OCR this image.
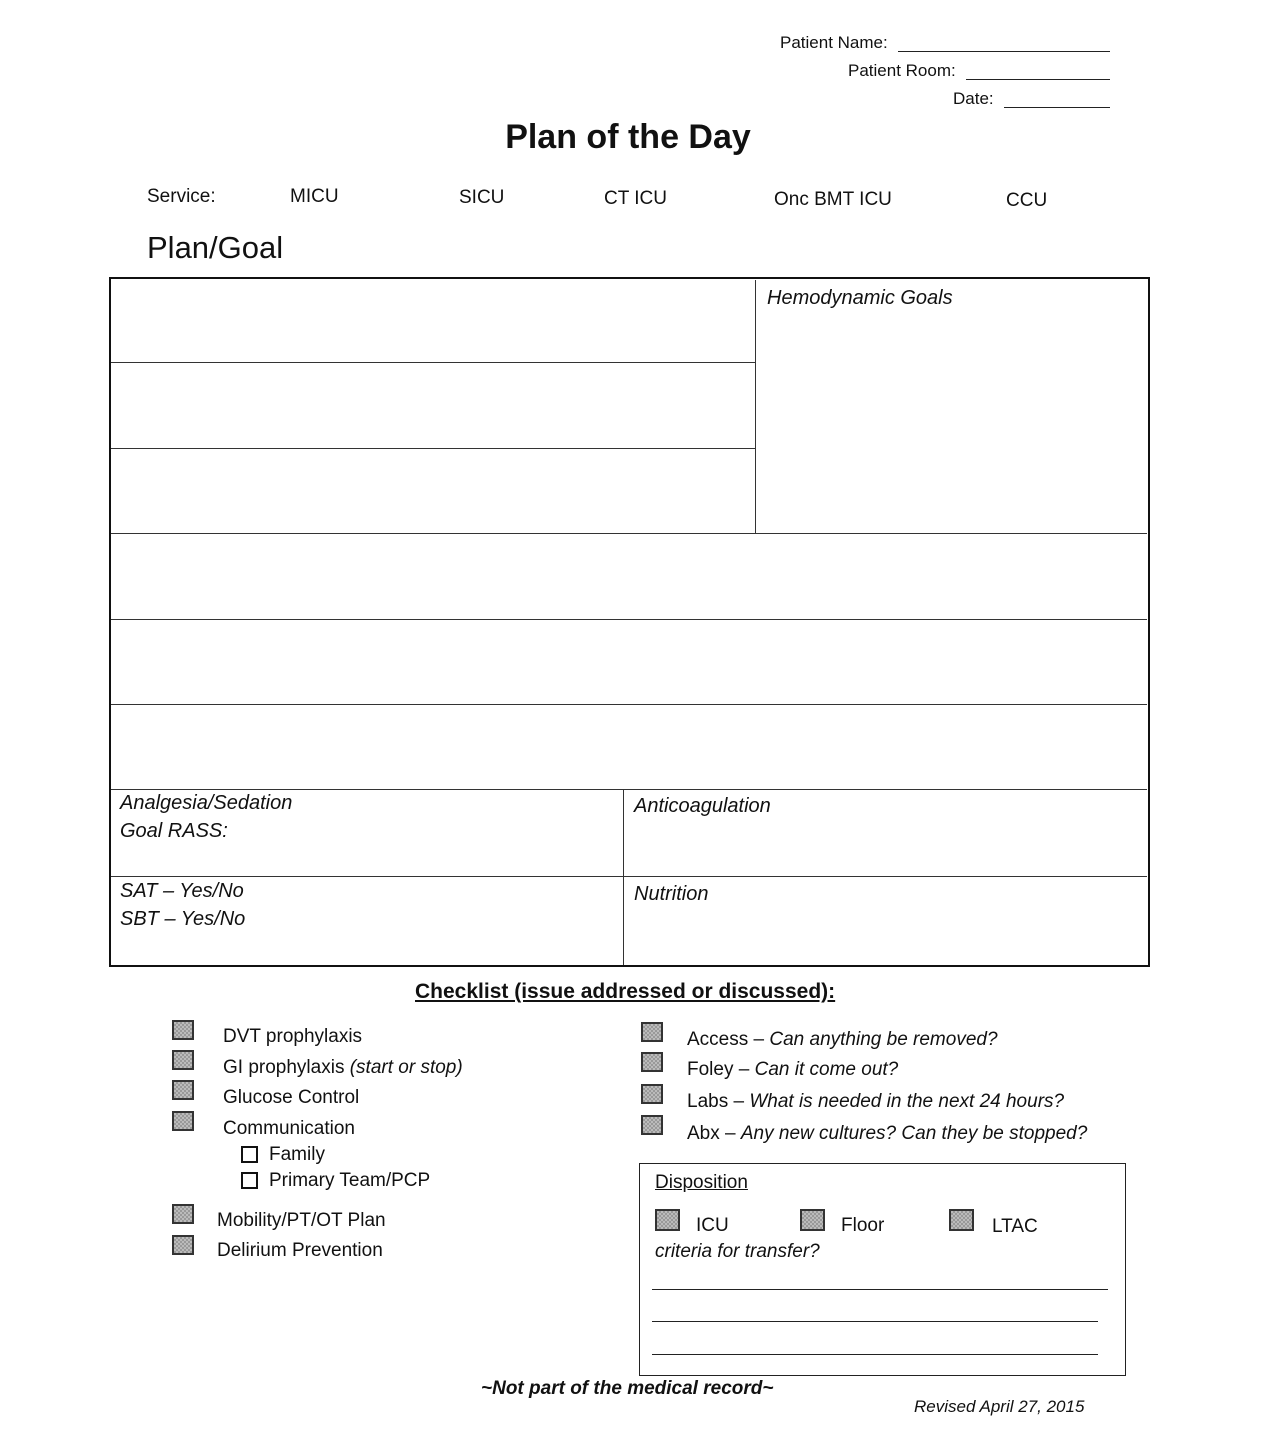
Patient Name:
Patient Room:
Date:
Plan of the Day
Service:	MICU	SICU	CT ICU	Onc BMT ICU	CCU
Plan/Goal
Hemodynamic Goals
Analgesia/Sedation
Goal RASS:
Anticoagulation
SAT – Yes/No
SBT – Yes/No
Nutrition
Checklist (issue addressed or discussed):
DVT prophylaxis
GI prophylaxis (start or stop)
Glucose Control
Communication
Family
Primary Team/PCP
Mobility/PT/OT Plan
Delirium Prevention
Access – Can anything be removed?
Foley – Can it come out?
Labs – What is needed in the next 24 hours?
Abx – Any new cultures? Can they be stopped?
Disposition
ICU	Floor	LTAC
criteria for transfer?
~Not part of the medical record~
Revised April 27, 2015
